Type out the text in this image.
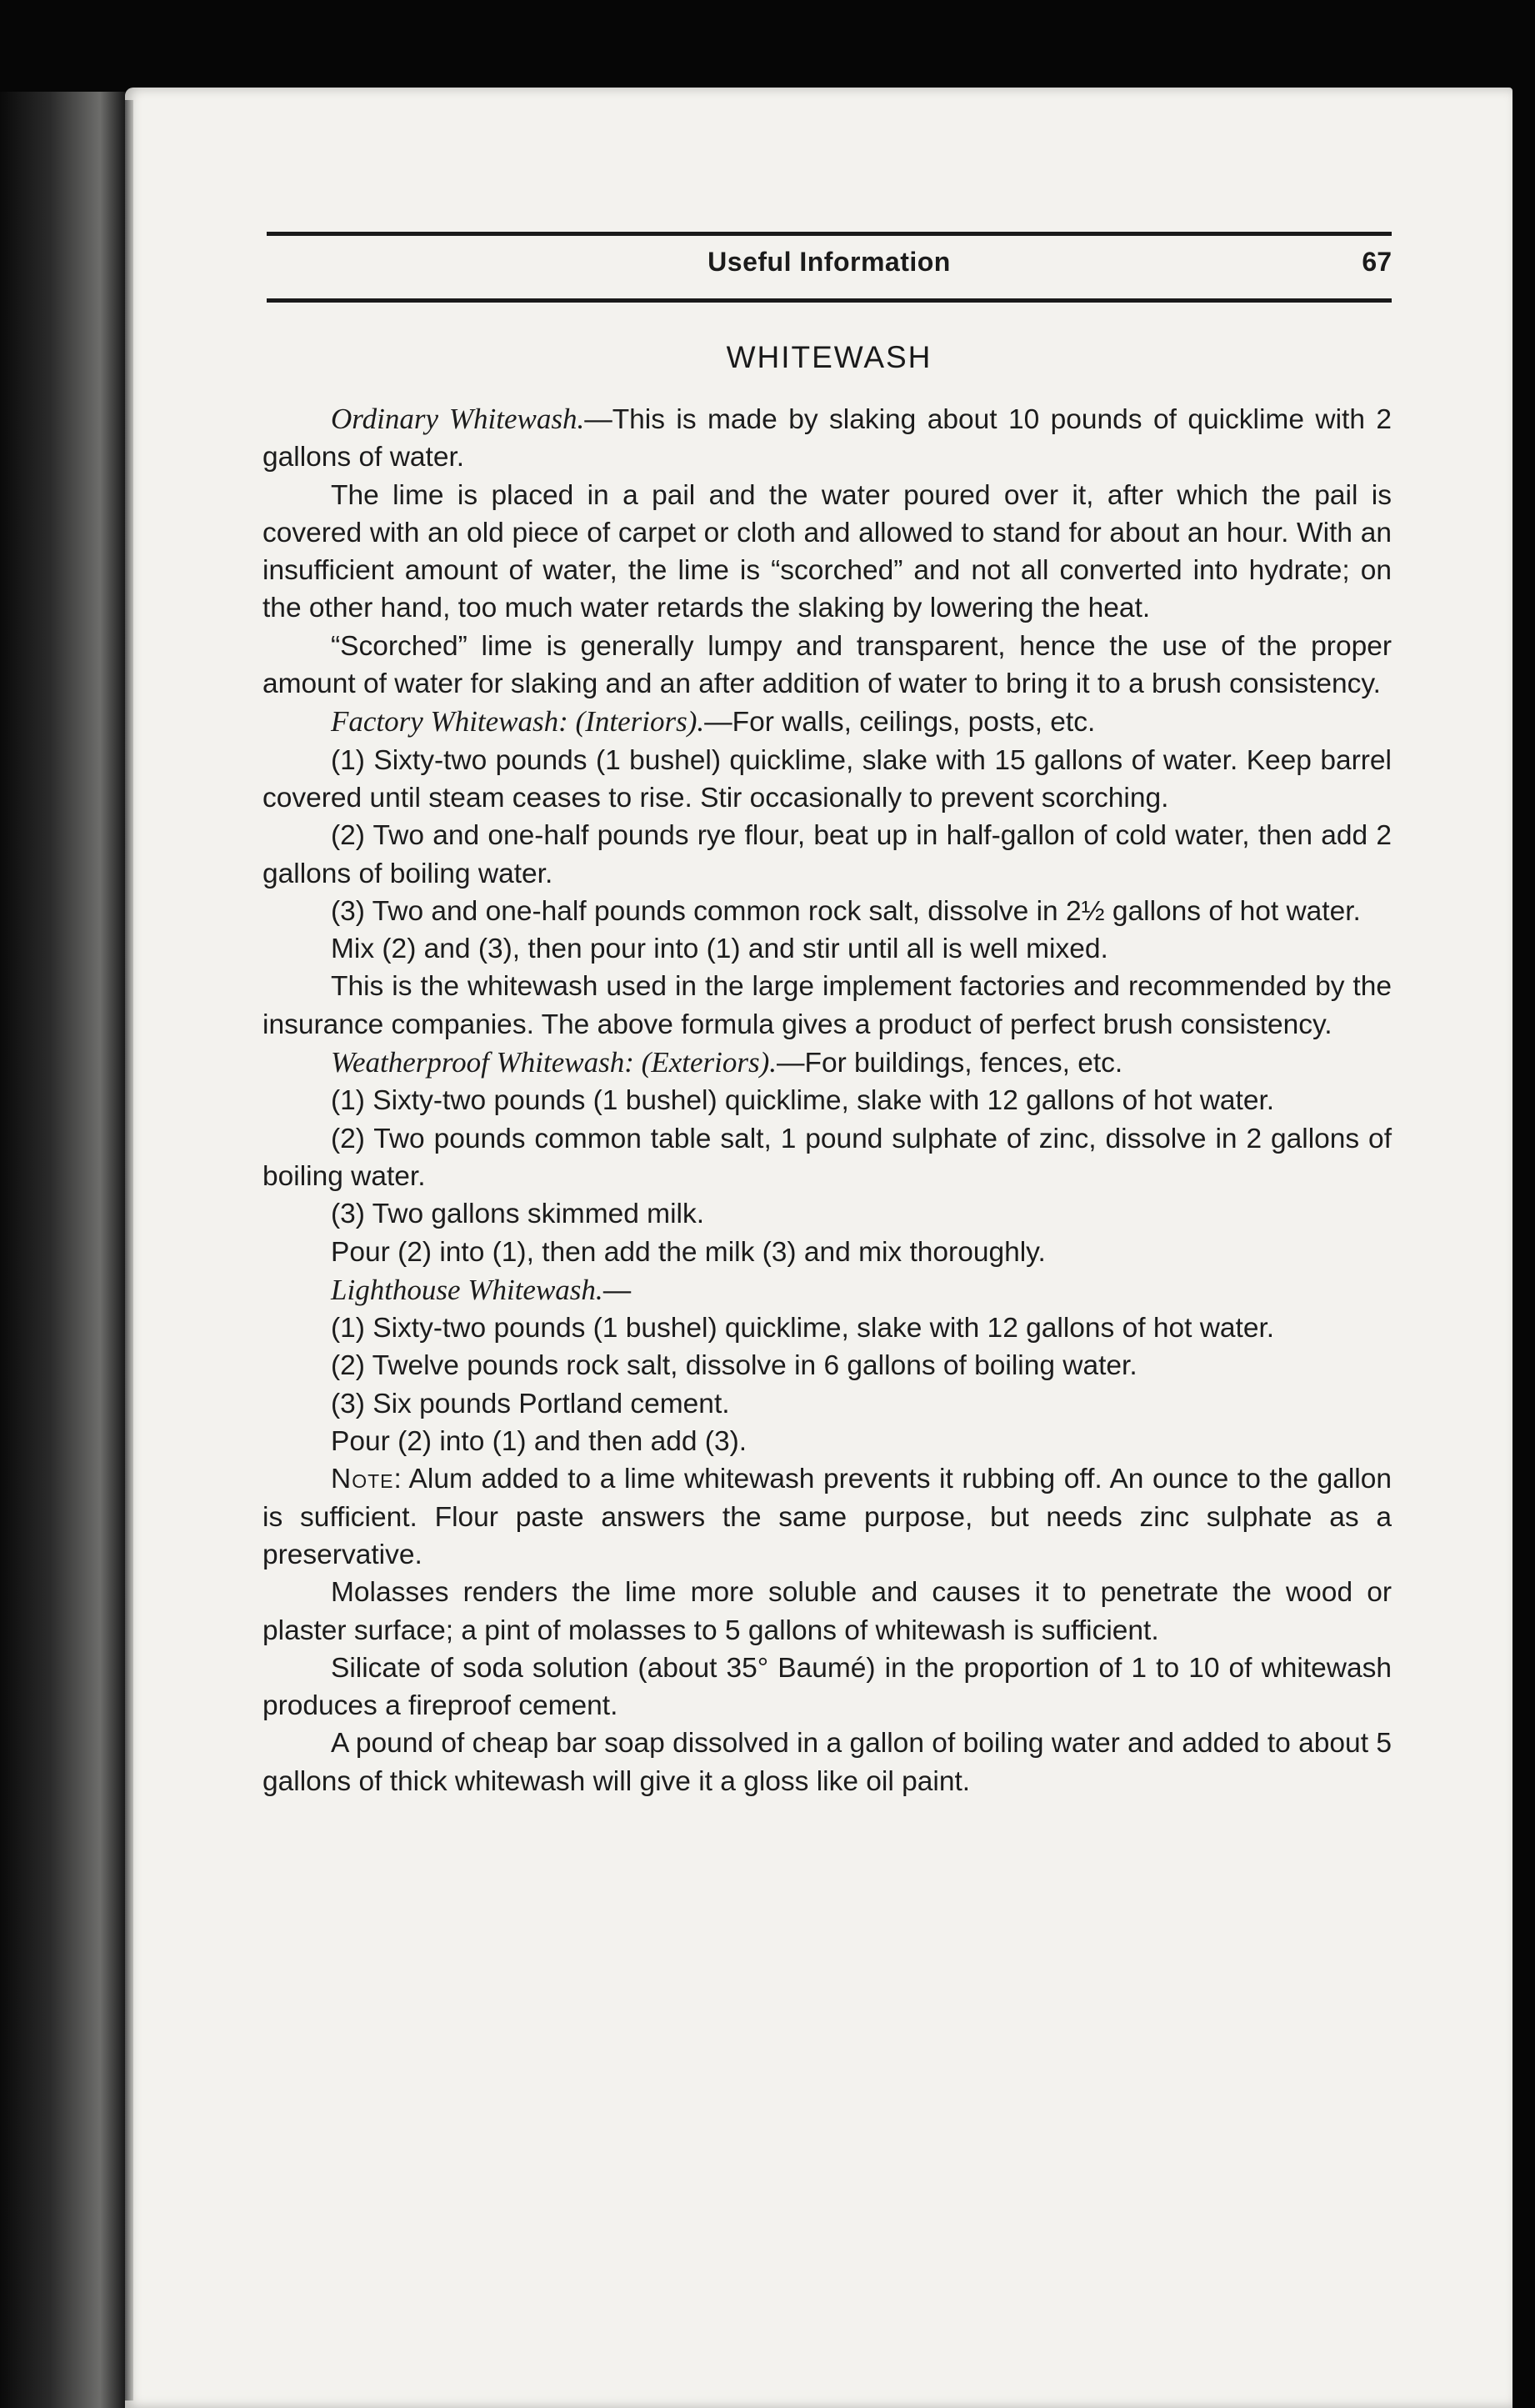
Useful Information	67
WHITEWASH

Ordinary Whitewash.—This is made by slaking about 10 pounds of quicklime with 2 gallons of water.

The lime is placed in a pail and the water poured over it, after which the pail is covered with an old piece of carpet or cloth and allowed to stand for about an hour. With an insufficient amount of water, the lime is “scorched” and not all converted into hydrate; on the other hand, too much water retards the slaking by lowering the heat.

“Scorched” lime is generally lumpy and transparent, hence the use of the proper amount of water for slaking and an after addition of water to bring it to a brush consistency.

Factory Whitewash: (Interiors).—For walls, ceilings, posts, etc.

(1) Sixty-two pounds (1 bushel) quicklime, slake with 15 gallons of water. Keep barrel covered until steam ceases to rise. Stir occasionally to prevent scorching.

(2) Two and one-half pounds rye flour, beat up in half-gallon of cold water, then add 2 gallons of boiling water.

(3) Two and one-half pounds common rock salt, dissolve in 2½ gallons of hot water.

Mix (2) and (3), then pour into (1) and stir until all is well mixed.

This is the whitewash used in the large implement factories and recommended by the insurance companies. The above formula gives a product of perfect brush consistency.

Weatherproof Whitewash: (Exteriors).—For buildings, fences, etc.

(1) Sixty-two pounds (1 bushel) quicklime, slake with 12 gallons of hot water.

(2) Two pounds common table salt, 1 pound sulphate of zinc, dissolve in 2 gallons of boiling water.

(3) Two gallons skimmed milk.

Pour (2) into (1), then add the milk (3) and mix thoroughly.

Lighthouse Whitewash.—

(1) Sixty-two pounds (1 bushel) quicklime, slake with 12 gallons of hot water.

(2) Twelve pounds rock salt, dissolve in 6 gallons of boiling water.

(3) Six pounds Portland cement.

Pour (2) into (1) and then add (3).

Note: Alum added to a lime whitewash prevents it rubbing off. An ounce to the gallon is sufficient. Flour paste answers the same purpose, but needs zinc sulphate as a preservative.

Molasses renders the lime more soluble and causes it to penetrate the wood or plaster surface; a pint of molasses to 5 gallons of whitewash is sufficient.

Silicate of soda solution (about 35° Baumé) in the proportion of 1 to 10 of whitewash produces a fireproof cement.

A pound of cheap bar soap dissolved in a gallon of boiling water and added to about 5 gallons of thick whitewash will give it a gloss like oil paint.
